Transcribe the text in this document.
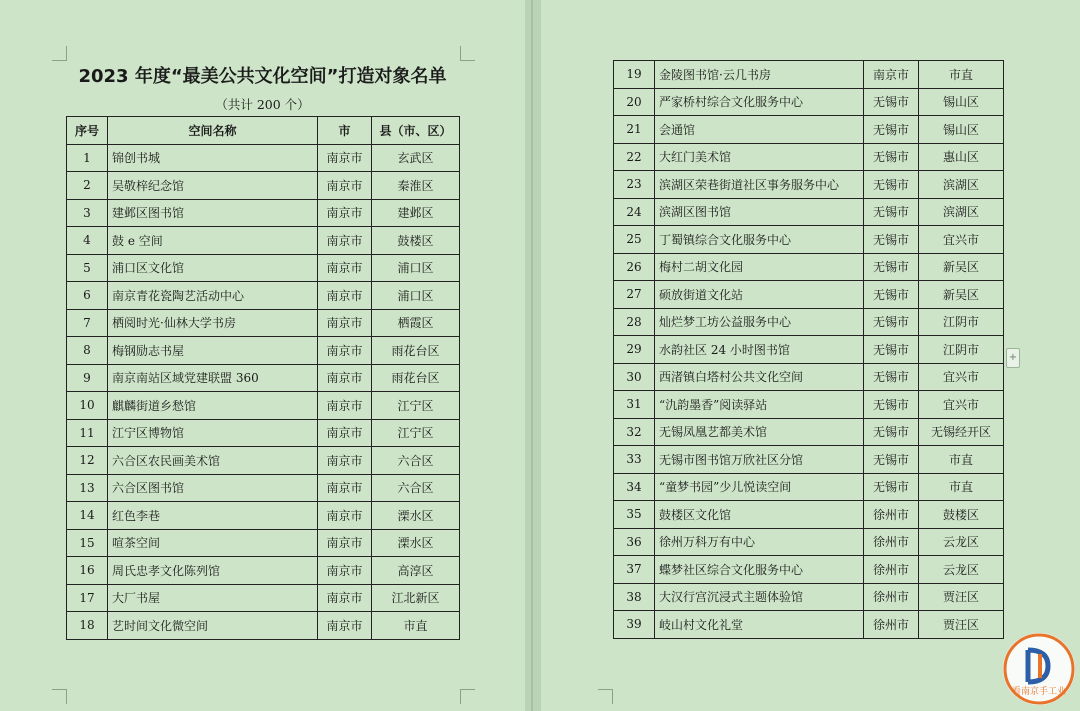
2023 年度“最美公共文化空间”打造对象名单
（共计 200 个）
序号	空间名称	市	县（市、区）
1	锦创书城	南京市	玄武区
2	吴敬梓纪念馆	南京市	秦淮区
3	建邺区图书馆	南京市	建邺区
4	鼓 e 空间	南京市	鼓楼区
5	浦口区文化馆	南京市	浦口区
6	南京青花瓷陶艺活动中心	南京市	浦口区
7	栖阅时光·仙林大学书房	南京市	栖霞区
8	梅钢励志书屋	南京市	雨花台区
9	南京南站区域党建联盟 360	南京市	雨花台区
10	麒麟街道乡愁馆	南京市	江宁区
11	江宁区博物馆	南京市	江宁区
12	六合区农民画美术馆	南京市	六合区
13	六合区图书馆	南京市	六合区
14	红色李巷	南京市	溧水区
15	喧茶空间	南京市	溧水区
16	周氏忠孝文化陈列馆	南京市	高淳区
17	大厂书屋	南京市	江北新区
18	艺时间文化微空间	南京市	市直
19	金陵图书馆·云几书房	南京市	市直
20	严家桥村综合文化服务中心	无锡市	锡山区
21	会通馆	无锡市	锡山区
22	大红门美术馆	无锡市	惠山区
23	滨湖区荣巷街道社区事务服务中心	无锡市	滨湖区
24	滨湖区图书馆	无锡市	滨湖区
25	丁蜀镇综合文化服务中心	无锡市	宜兴市
26	梅村二胡文化园	无锡市	新吴区
27	硕放街道文化站	无锡市	新吴区
28	灿烂梦工坊公益服务中心	无锡市	江阴市
29	水韵社区 24 小时图书馆	无锡市	江阴市
30	西渚镇白塔村公共文化空间	无锡市	宜兴市
31	“氿韵墨香”阅读驿站	无锡市	宜兴市
32	无锡凤凰艺都美术馆	无锡市	无锡经开区
33	无锡市图书馆万欣社区分馆	无锡市	市直
34	“童梦书园”少儿悦读空间	无锡市	市直
35	鼓楼区文化馆	徐州市	鼓楼区
36	徐州万科万有中心	徐州市	云龙区
37	蝶梦社区综合文化服务中心	徐州市	云龙区
38	大汉行宫沉浸式主题体验馆	徐州市	贾汪区
39	岐山村文化礼堂	徐州市	贾汪区
+
看南京手工业
